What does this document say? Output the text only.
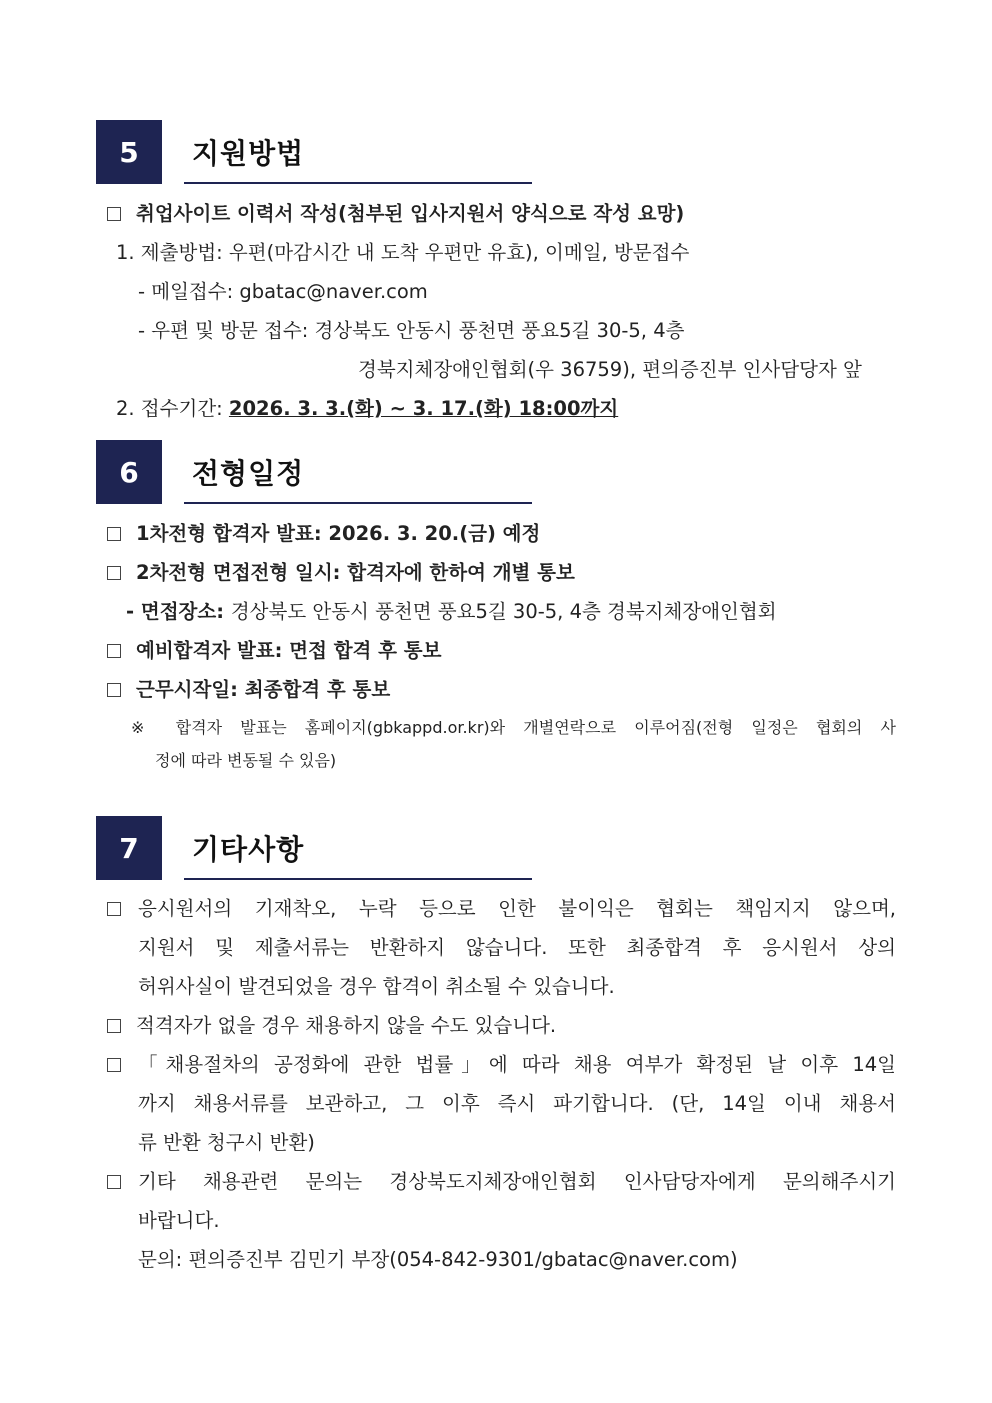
5	지원방법
취업사이트 이력서 작성(첨부된 입사지원서 양식으로 작성 요망)
1. 제출방법: 우편(마감시간 내 도착 우편만 유효), 이메일, 방문접수
- 메일접수: gbatac@naver.com
- 우편 및 방문 접수: 경상북도 안동시 풍천면 풍요5길 30-5, 4층
경북지체장애인협회(우 36759), 편의증진부 인사담당자 앞
2. 접수기간: 2026. 3. 3.(화) ~ 3. 17.(화) 18:00까지
6	전형일정
1차전형 합격자 발표: 2026. 3. 20.(금) 예정
2차전형 면접전형 일시: 합격자에 한하여 개별 통보
- 면접장소: 경상북도 안동시 풍천면 풍요5길 30-5, 4층 경북지체장애인협회
예비합격자 발표: 면접 합격 후 통보
근무시작일: 최종합격 후 통보
※ 합격자 발표는 홈페이지(gbkappd.or.kr)와 개별연락으로 이루어짐(전형 일정은 협회의 사
정에 따라 변동될 수 있음)
7	기타사항
응시원서의 기재착오, 누락 등으로 인한 불이익은 협회는 책임지지 않으며,
지원서 및 제출서류는 반환하지 않습니다. 또한 최종합격 후 응시원서 상의
허위사실이 발견되었을 경우 합격이 취소될 수 있습니다.
적격자가 없을 경우 채용하지 않을 수도 있습니다.
「채용절차의 공정화에 관한 법률」에 따라 채용 여부가 확정된 날 이후 14일
까지 채용서류를 보관하고, 그 이후 즉시 파기합니다. (단, 14일 이내 채용서
류 반환 청구시 반환)
기타 채용관련 문의는 경상북도지체장애인협회 인사담당자에게 문의해주시기
바랍니다.
문의: 편의증진부 김민기 부장(054-842-9301/gbatac@naver.com)
